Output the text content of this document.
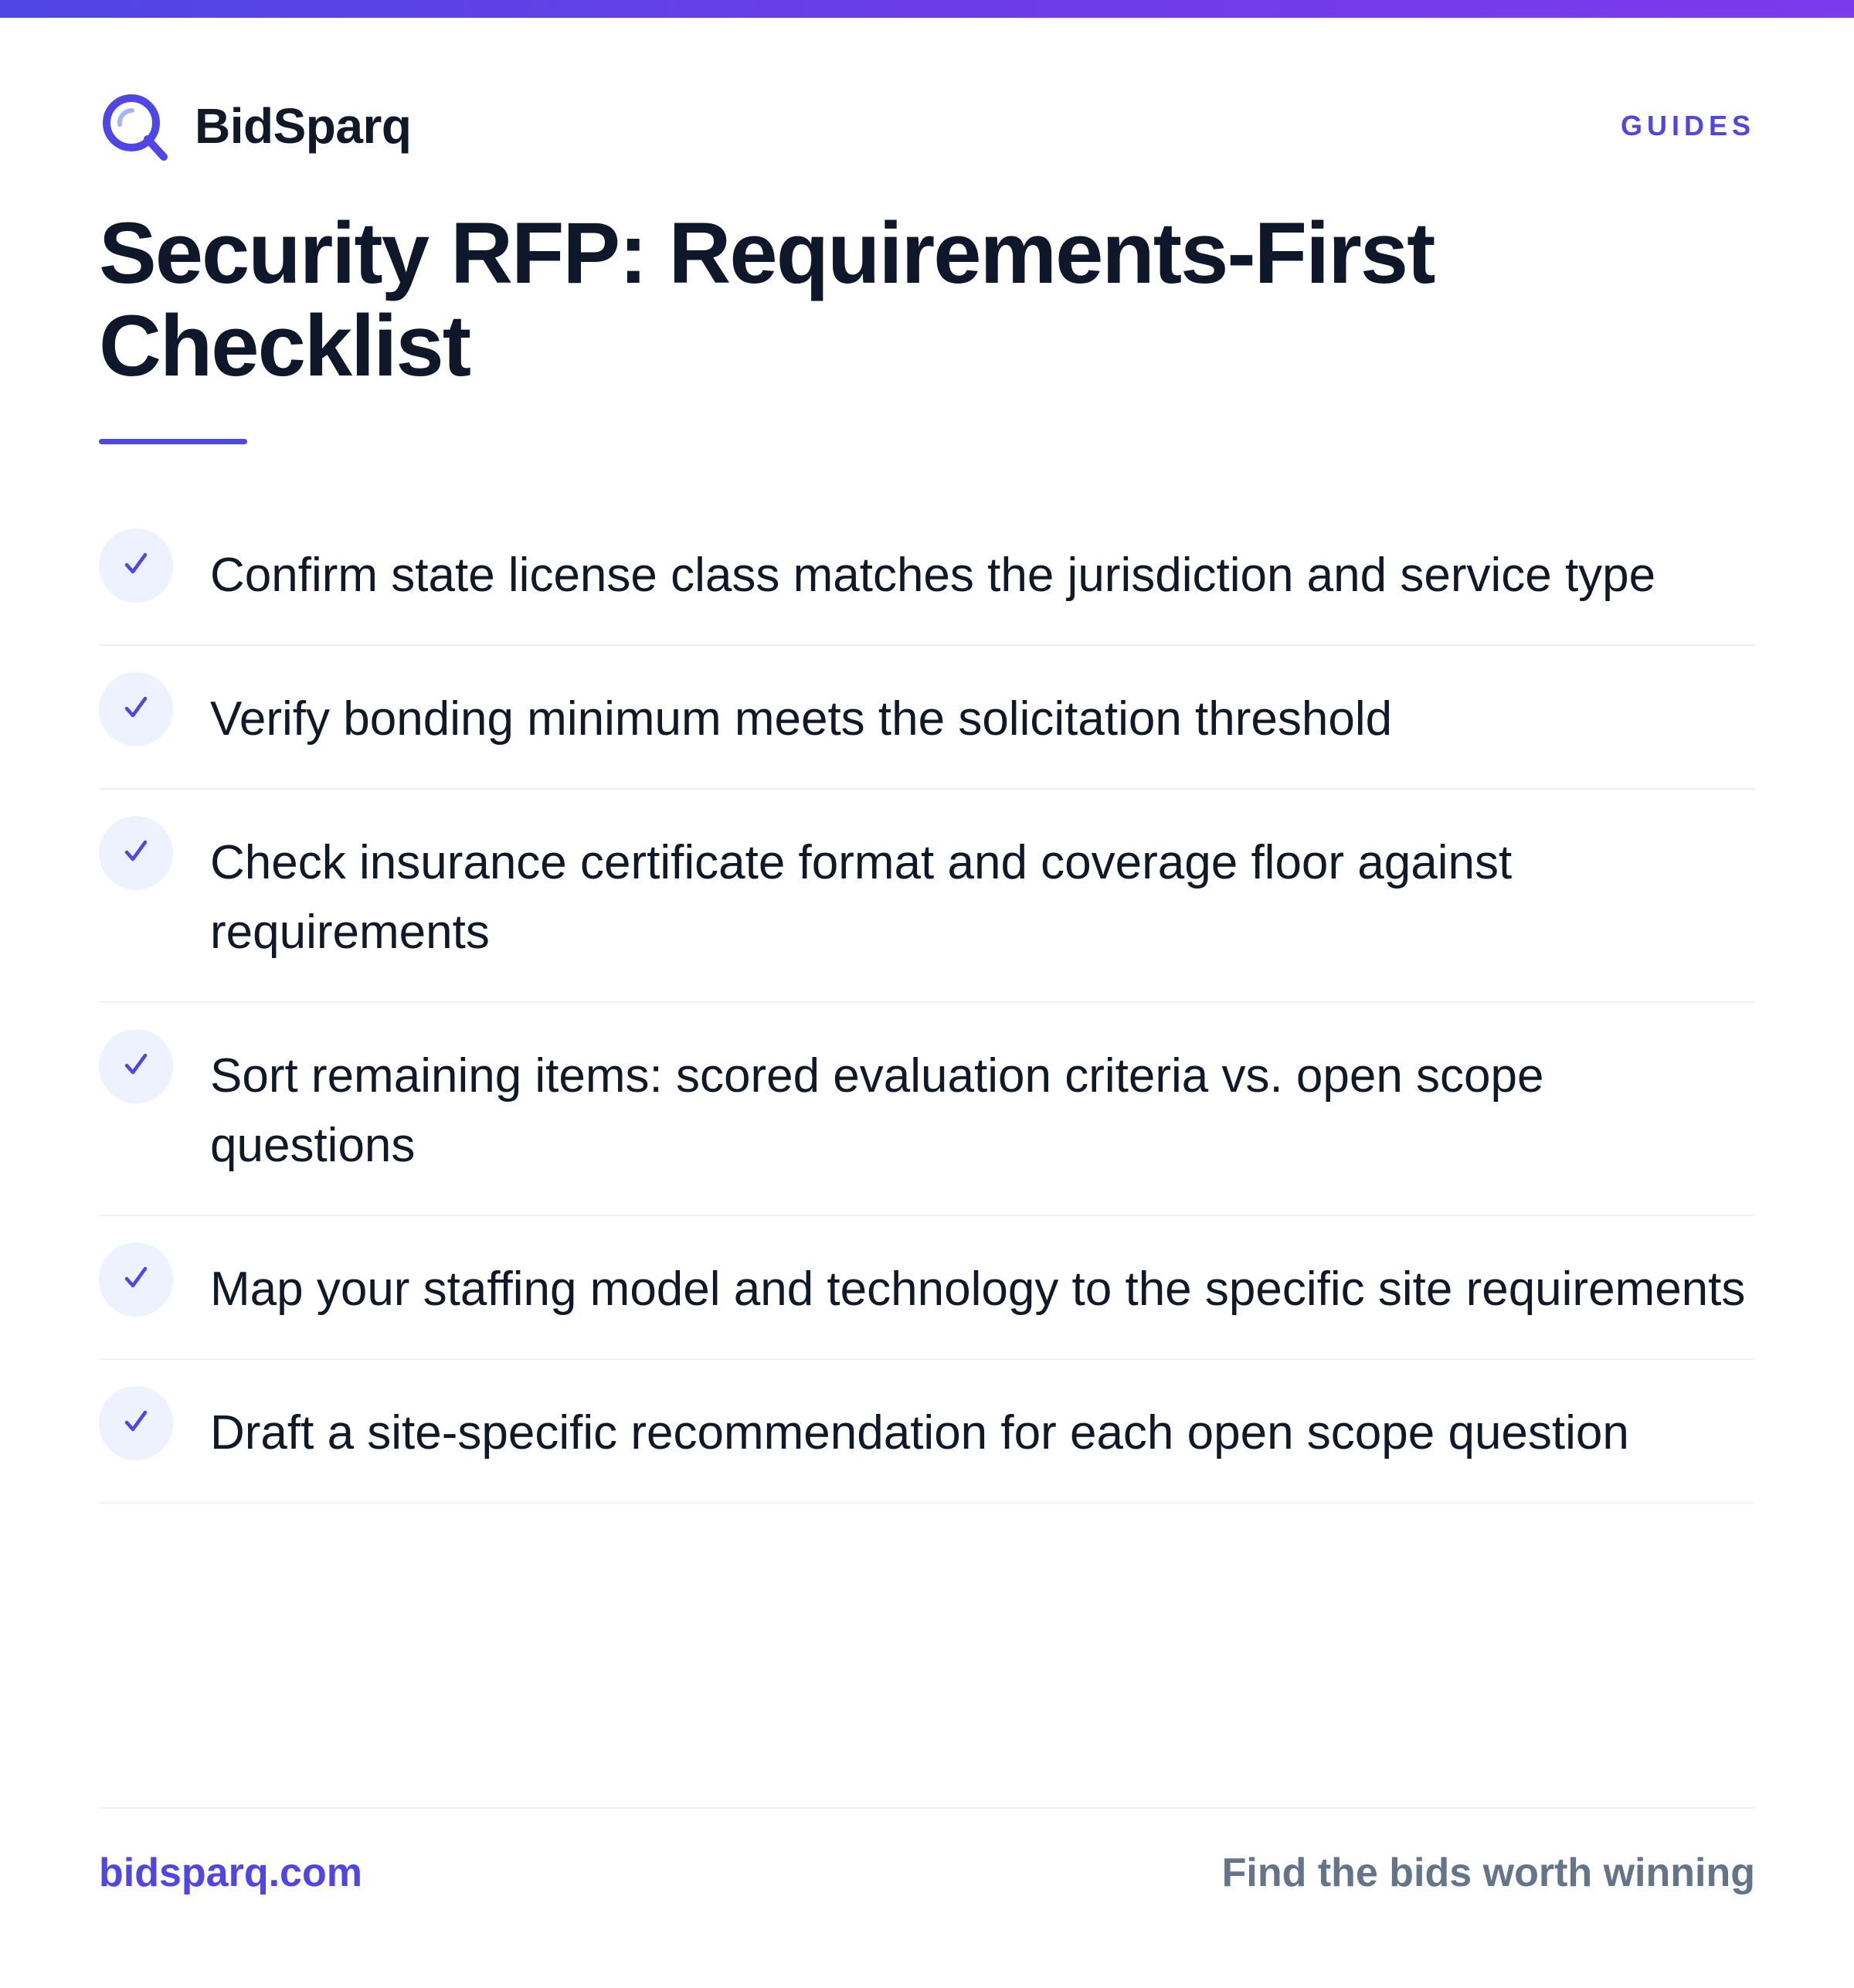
BidSparq	GUIDES
Security RFP: Requirements-First Checklist
Confirm state license class matches the jurisdiction and service type
Verify bonding minimum meets the solicitation threshold
Check insurance certificate format and coverage floor against requirements
Sort remaining items: scored evaluation criteria vs. open scope questions
Map your staffing model and technology to the specific site requirements
Draft a site-specific recommendation for each open scope question
bidsparq.com	Find the bids worth winning
